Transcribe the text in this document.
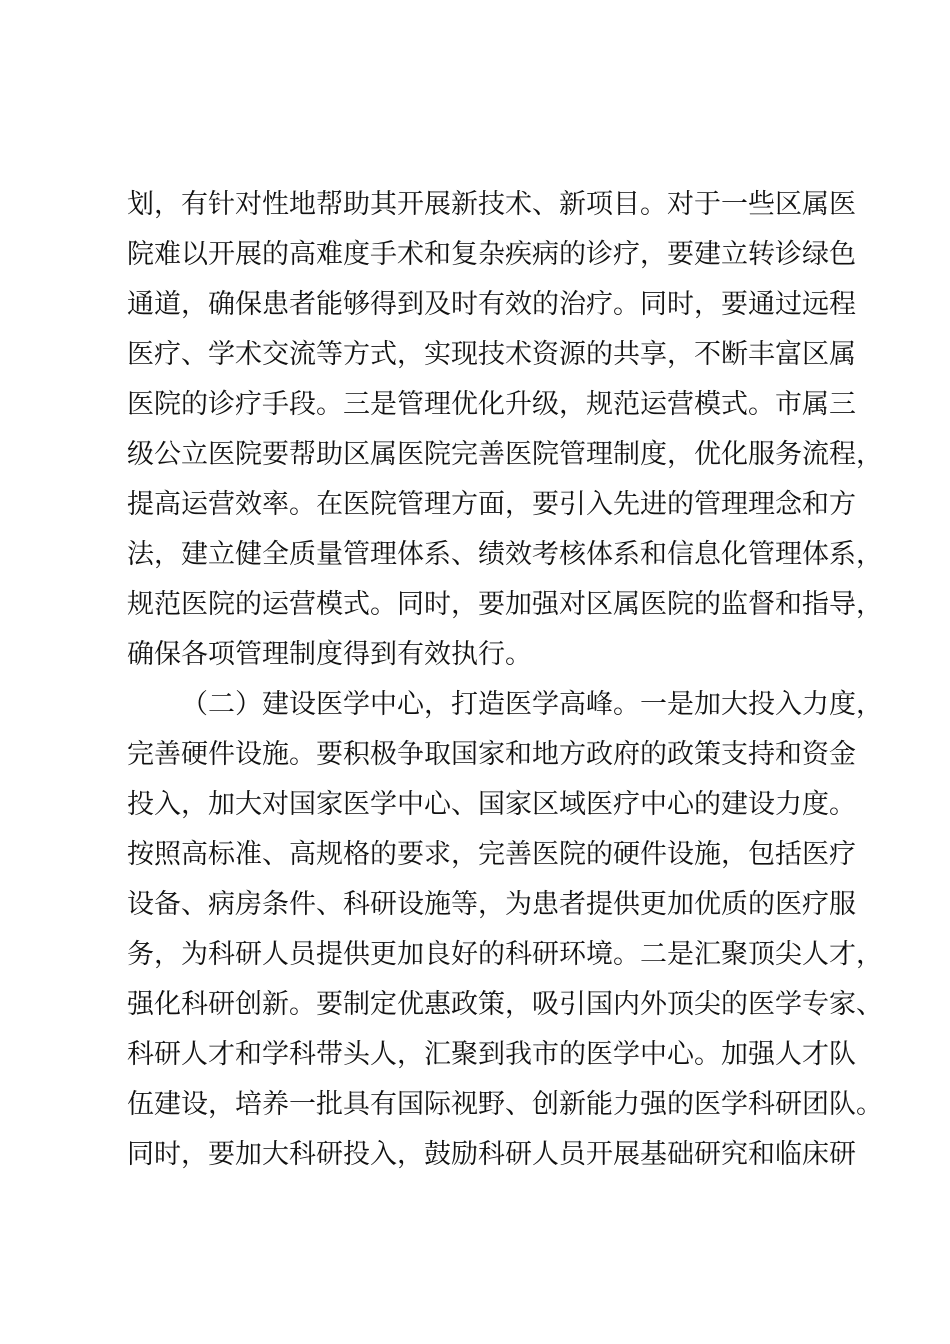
划，有针对性地帮助其开展新技术、新项目。对于一些区属医
院难以开展的高难度手术和复杂疾病的诊疗，要建立转诊绿色
通道，确保患者能够得到及时有效的治疗。同时，要通过远程
医疗、学术交流等方式，实现技术资源的共享，不断丰富区属
医院的诊疗手段。三是管理优化升级，规范运营模式。市属三
级公立医院要帮助区属医院完善医院管理制度，优化服务流程，
提高运营效率。在医院管理方面，要引入先进的管理理念和方
法，建立健全质量管理体系、绩效考核体系和信息化管理体系，
规范医院的运营模式。同时，要加强对区属医院的监督和指导，
确保各项管理制度得到有效执行。
（二）建设医学中心，打造医学高峰。一是加大投入力度，
完善硬件设施。要积极争取国家和地方政府的政策支持和资金
投入，加大对国家医学中心、国家区域医疗中心的建设力度。
按照高标准、高规格的要求，完善医院的硬件设施，包括医疗
设备、病房条件、科研设施等，为患者提供更加优质的医疗服
务，为科研人员提供更加良好的科研环境。二是汇聚顶尖人才，
强化科研创新。要制定优惠政策，吸引国内外顶尖的医学专家、
科研人才和学科带头人，汇聚到我市的医学中心。加强人才队
伍建设，培养一批具有国际视野、创新能力强的医学科研团队。
同时，要加大科研投入，鼓励科研人员开展基础研究和临床研
